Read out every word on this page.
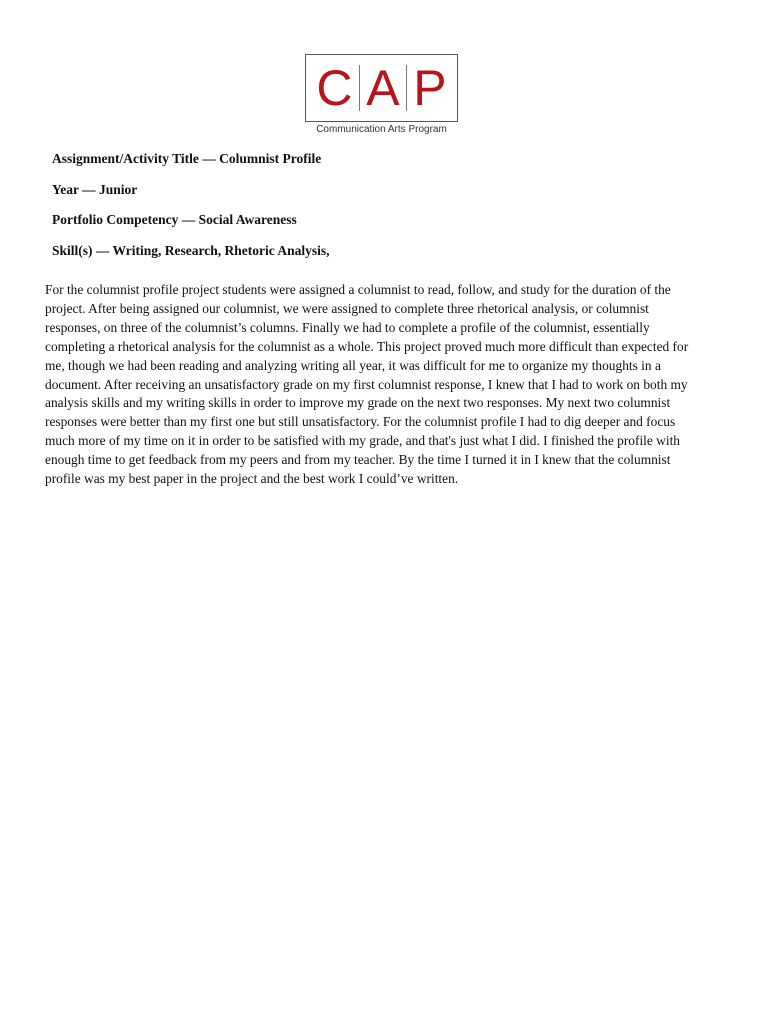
C A P
Communication Arts Program

Assignment/Activity Title — Columnist Profile

Year — Junior

Portfolio Competency — Social Awareness

Skill(s) — Writing, Research, Rhetoric Analysis,

For the columnist profile project students were assigned a columnist to read, follow, and study for the duration of the
project. After being assigned our columnist, we were assigned to complete three rhetorical analysis, or columnist
responses, on three of the columnist’s columns. Finally we had to complete a profile of the columnist, essentially
completing a rhetorical analysis for the columnist as a whole. This project proved much more difficult than expected for
me, though we had been reading and analyzing writing all year, it was difficult for me to organize my thoughts in a
document. After receiving an unsatisfactory grade on my first columnist response, I knew that I had to work on both my
analysis skills and my writing skills in order to improve my grade on the next two responses. My next two columnist
responses were better than my first one but still unsatisfactory. For the columnist profile I had to dig deeper and focus
much more of my time on it in order to be satisfied with my grade, and that's just what I did. I finished the profile with
enough time to get feedback from my peers and from my teacher. By the time I turned it in I knew that the columnist
profile was my best paper in the project and the best work I could’ve written.
